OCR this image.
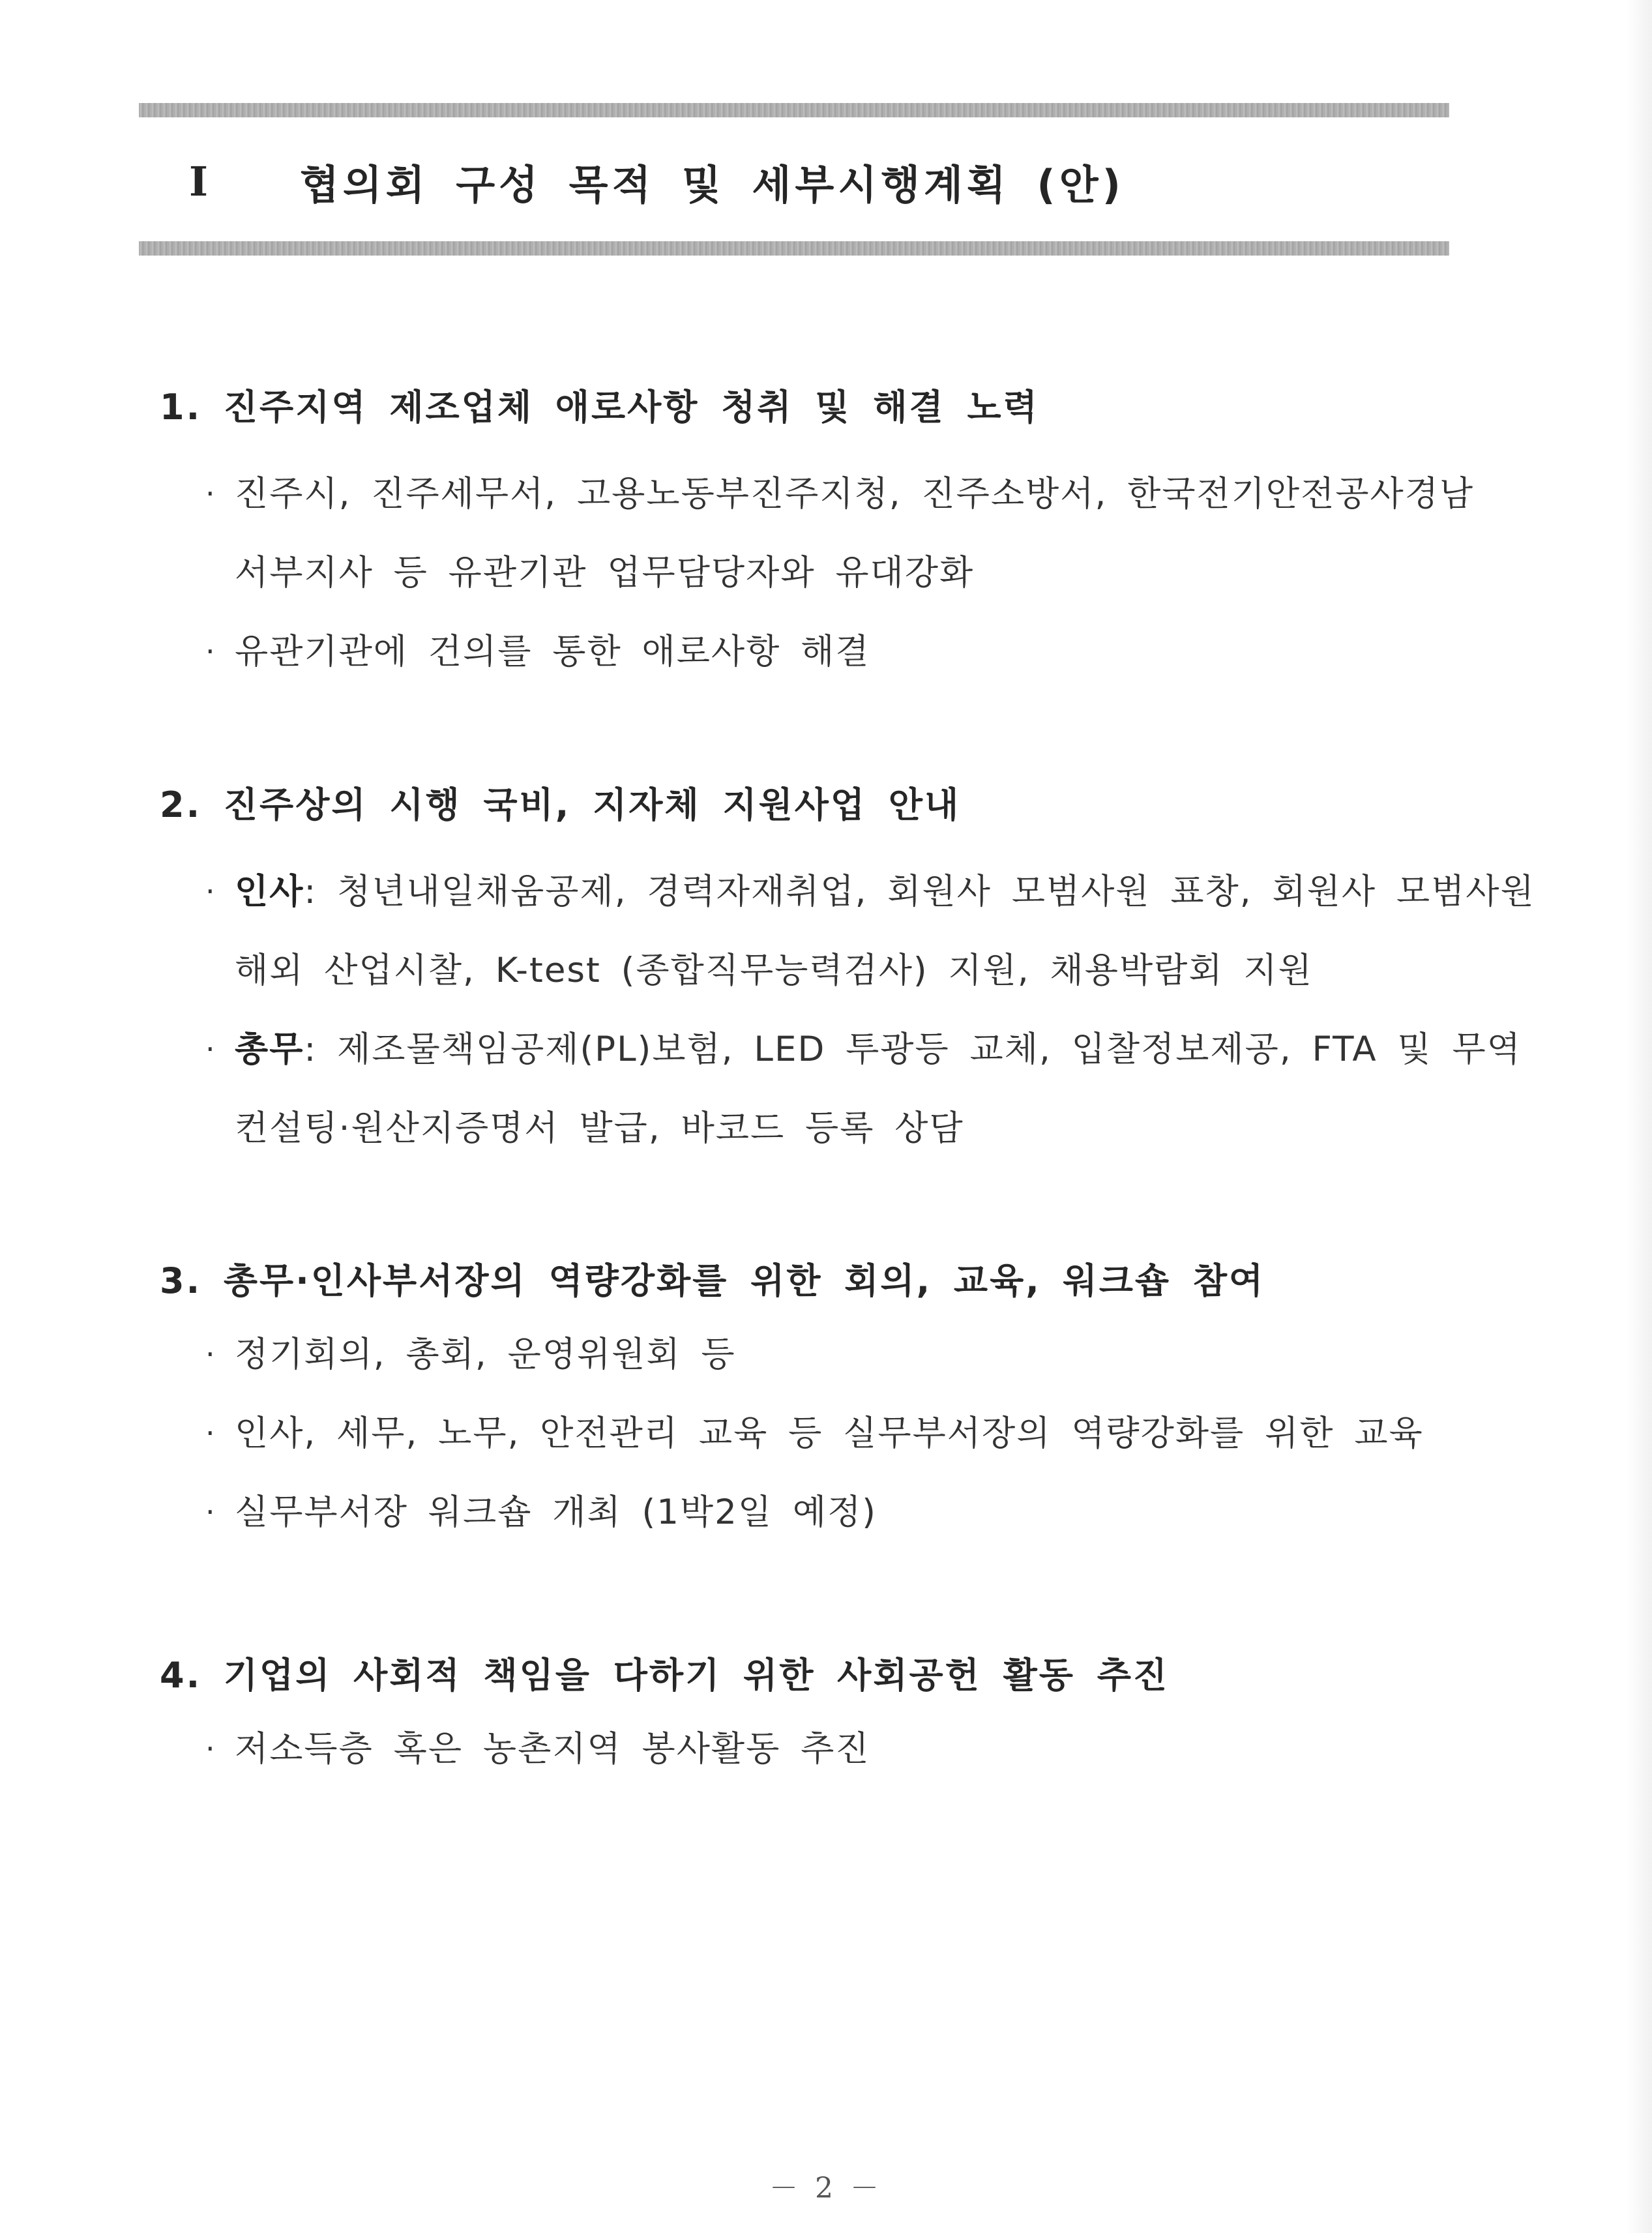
I	협의회 구성 목적 및 세부시행계획 (안)
1. 진주지역 제조업체 애로사항 청취 및 해결 노력
· 진주시, 진주세무서, 고용노동부진주지청, 진주소방서, 한국전기안전공사경남
서부지사 등 유관기관 업무담당자와 유대강화
· 유관기관에 건의를 통한 애로사항 해결
2. 진주상의 시행 국비, 지자체 지원사업 안내
· 인사: 청년내일채움공제, 경력자재취업, 회원사 모범사원 표창, 회원사 모범사원
해외 산업시찰, K-test (종합직무능력검사) 지원, 채용박람회 지원
· 총무: 제조물책임공제(PL)보험, LED 투광등 교체, 입찰정보제공, FTA 및 무역
컨설팅·원산지증명서 발급, 바코드 등록 상담
3. 총무·인사부서장의 역량강화를 위한 회의, 교육, 워크숍 참여
· 정기회의, 총회, 운영위원회 등
· 인사, 세무, 노무, 안전관리 교육 등 실무부서장의 역량강화를 위한 교육
· 실무부서장 워크숍 개최 (1박2일 예정)
4. 기업의 사회적 책임을 다하기 위한 사회공헌 활동 추진
· 저소득층 혹은 농촌지역 봉사활동 추진
－ 2 －
